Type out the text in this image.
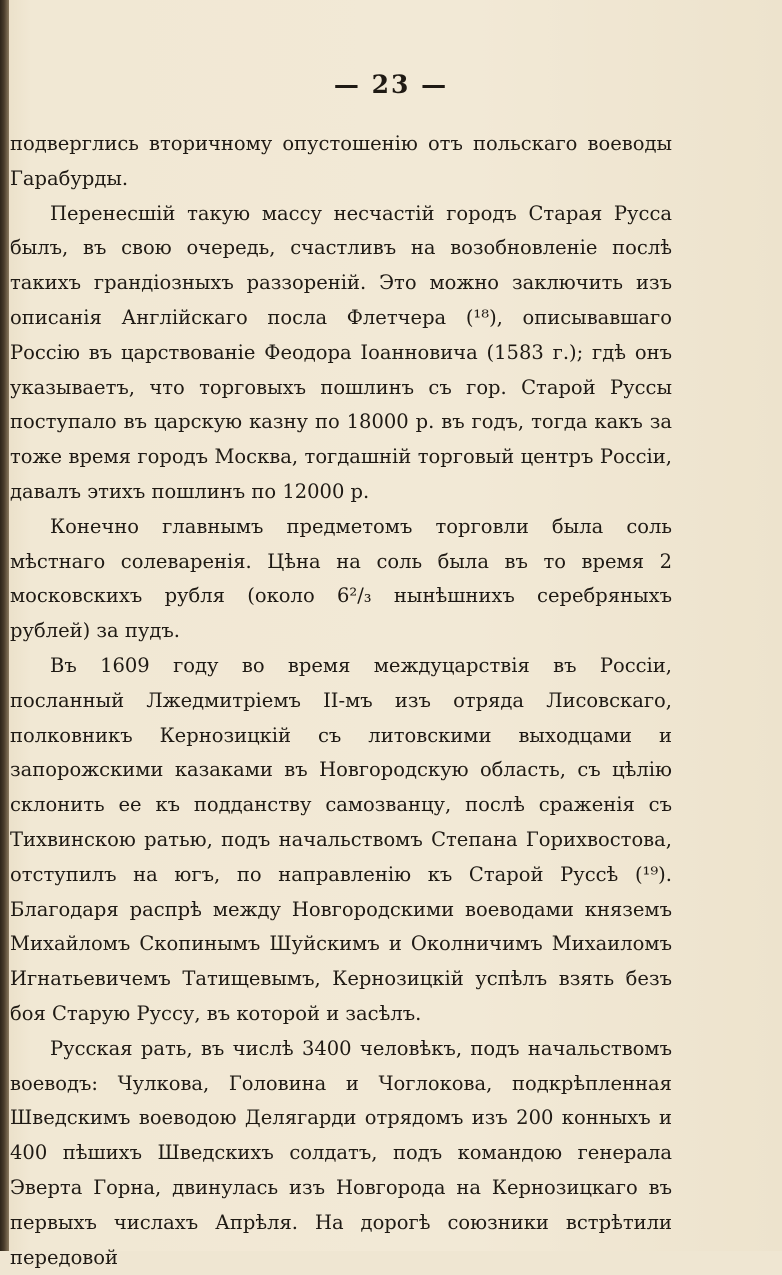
— 23 —

подверглись вторичному опустошенію отъ польскаго воеводы Гарабурды.

Перенесшій такую массу несчастій городъ Старая Русса былъ, въ свою очередь, счастливъ на возобновленіе послѣ такихъ грандіозныхъ раззореній. Это можно заключить изъ описанія Англійскаго посла Флетчера (¹⁸), описывавшаго Россію въ царствованіе Феодора Іоанновича (1583 г.); гдѣ онъ указываетъ, что торговыхъ пошлинъ съ гор. Старой Руссы поступало въ царскую казну по 18000 р. въ годъ, тогда какъ за тоже время городъ Москва, тогдашній торговый центръ Россіи, давалъ этихъ пошлинъ по 12000 р.

Конечно главнымъ предметомъ торговли была соль мѣстнаго солеваренія. Цѣна на соль была въ то время 2 московскихъ рубля (около 6²/₃ нынѣшнихъ серебряныхъ рублей) за пудъ.

Въ 1609 году во время междуцарствія въ Россіи, посланный Лжедмитріемъ II-мъ изъ отряда Лисовскаго, полковникъ Кернозицкій съ литовскими выходцами и запорожскими казаками въ Новгородскую область, съ цѣлію склонить ее къ подданству самозванцу, послѣ сраженія съ Тихвинскою ратью, подъ начальствомъ Степана Горихвостова, отступилъ на югъ, по направленію къ Старой Руссѣ (¹⁹). Благодаря распрѣ между Новгородскими воеводами княземъ Михайломъ Скопинымъ Шуйскимъ и Околничимъ Михаиломъ Игнатьевичемъ Татищевымъ, Кернозицкій успѣлъ взять безъ боя Старую Руссу, въ которой и засѣлъ.

Русская рать, въ числѣ 3400 человѣкъ, подъ начальствомъ воеводъ: Чулкова, Головина и Чоглокова, подкрѣпленная Шведскимъ воеводою Делягарди отрядомъ изъ 200 конныхъ и 400 пѣшихъ Шведскихъ солдатъ, подъ командою генерала Эверта Горна, двинулась изъ Новгорода на Кернозицкаго въ первыхъ числахъ Апрѣля. На дорогѣ союзники встрѣтили передовой
